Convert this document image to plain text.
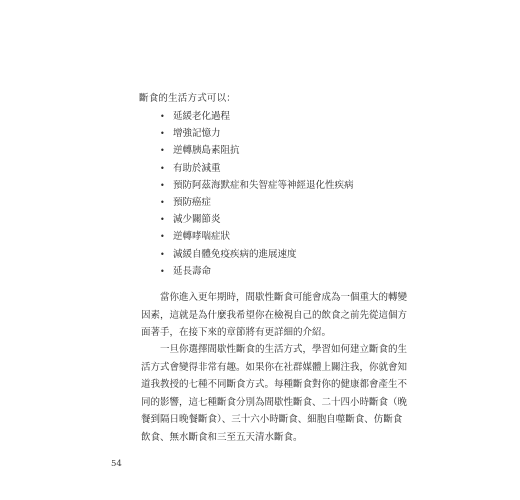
斷食的生活方式可以：
• 延緩老化過程
• 增強記憶力
• 逆轉胰島素阻抗
• 有助於減重
• 預防阿茲海默症和失智症等神經退化性疾病
• 預防癌症
• 減少關節炎
• 逆轉哮喘症狀
• 減緩自體免疫疾病的進展速度
• 延長壽命

當你進入更年期時，間歇性斷食可能會成為一個重大的轉變
因素，這就是為什麼我希望你在檢視自己的飲食之前先從這個方
面著手，在接下來的章節將有更詳細的介紹。

一旦你選擇間歇性斷食的生活方式，學習如何建立斷食的生
活方式會變得非常有趣。如果你在社群媒體上關注我，你就會知
道我教授的七種不同斷食方式。每種斷食對你的健康都會產生不
同的影響，這七種斷食分別為間歇性斷食、二十四小時斷食（晚
餐到隔日晚餐斷食）、三十六小時斷食、細胞自噬斷食、仿斷食
飲食、無水斷食和三至五天清水斷食。

54
